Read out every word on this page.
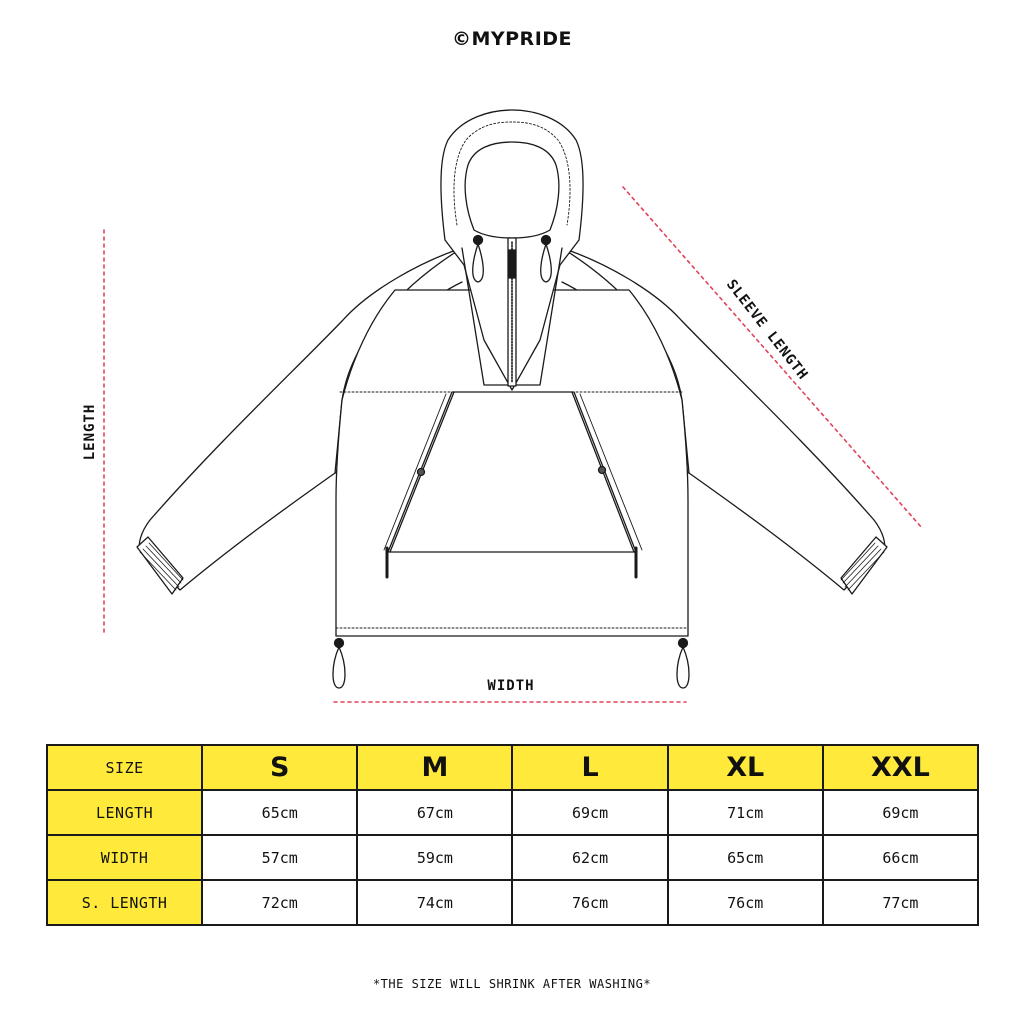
©MYPRIDE
LENGTH
WIDTH
SLEEVE LENGTH
SIZE	S	M	L	XL	XXL
LENGTH	65cm	67cm	69cm	71cm	69cm
WIDTH	57cm	59cm	62cm	65cm	66cm
S. LENGTH	72cm	74cm	76cm	76cm	77cm
*THE SIZE WILL SHRINK AFTER WASHING*
